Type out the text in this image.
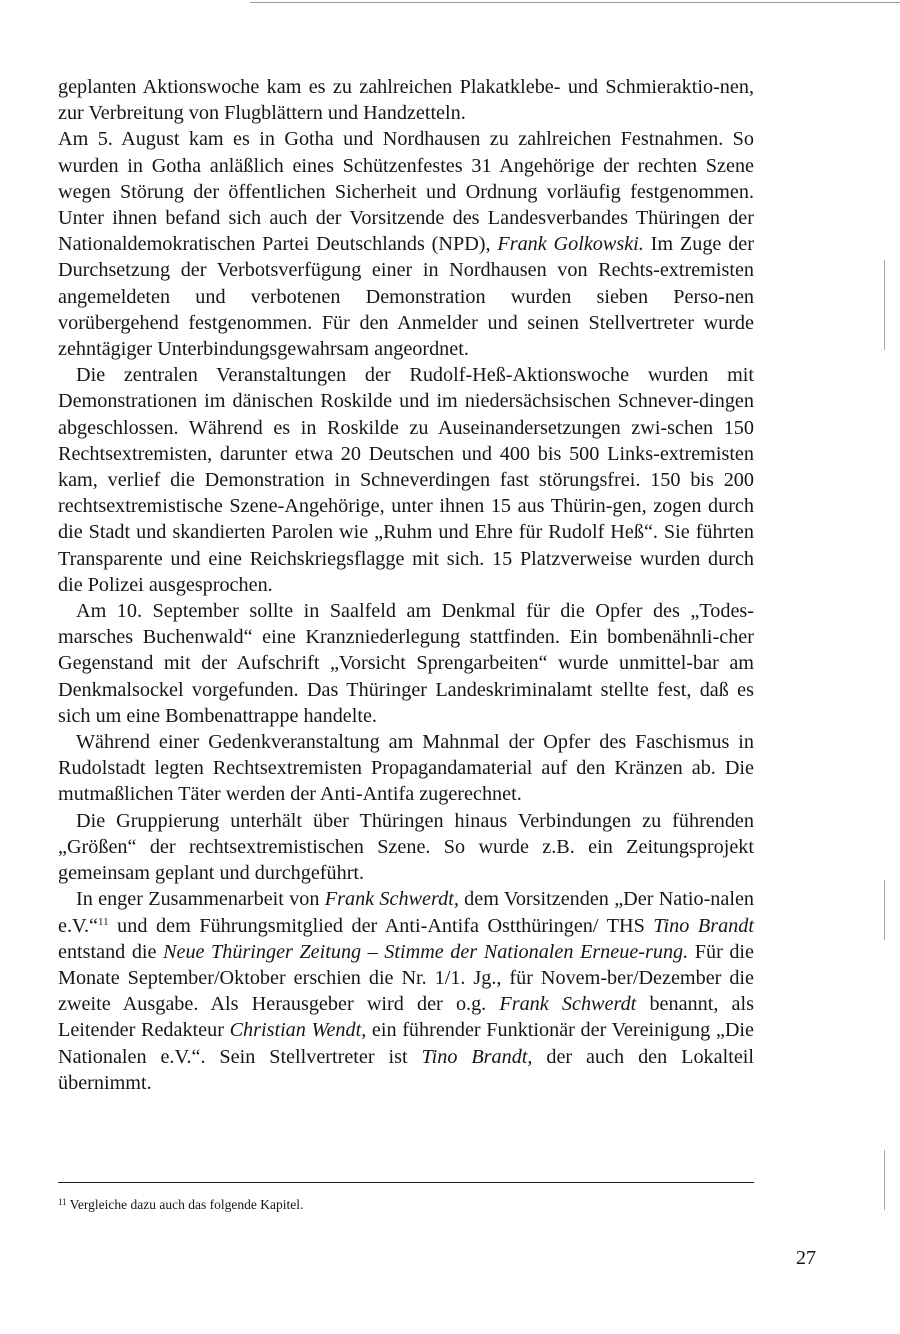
geplanten Aktionswoche kam es zu zahlreichen Plakatklebe- und Schmieraktio-nen, zur Verbreitung von Flugblättern und Handzetteln.

Am 5. August kam es in Gotha und Nordhausen zu zahlreichen Festnahmen. So wurden in Gotha anläßlich eines Schützenfestes 31 Angehörige der rechten Szene wegen Störung der öffentlichen Sicherheit und Ordnung vorläufig festgenommen. Unter ihnen befand sich auch der Vorsitzende des Landesverbandes Thüringen der Nationaldemokratischen Partei Deutschlands (NPD), Frank Golkowski. Im Zuge der Durchsetzung der Verbotsverfügung einer in Nordhausen von Rechts-extremisten angemeldeten und verbotenen Demonstration wurden sieben Perso-nen vorübergehend festgenommen. Für den Anmelder und seinen Stellvertreter wurde zehntägiger Unterbindungsgewahrsam angeordnet.

Die zentralen Veranstaltungen der Rudolf-Heß-Aktionswoche wurden mit Demonstrationen im dänischen Roskilde und im niedersächsischen Schnever-dingen abgeschlossen. Während es in Roskilde zu Auseinandersetzungen zwi-schen 150 Rechtsextremisten, darunter etwa 20 Deutschen und 400 bis 500 Links-extremisten kam, verlief die Demonstration in Schneverdingen fast störungsfrei. 150 bis 200 rechtsextremistische Szene-Angehörige, unter ihnen 15 aus Thürin-gen, zogen durch die Stadt und skandierten Parolen wie „Ruhm und Ehre für Rudolf Heß“. Sie führten Transparente und eine Reichskriegsflagge mit sich. 15 Platzverweise wurden durch die Polizei ausgesprochen.

Am 10. September sollte in Saalfeld am Denkmal für die Opfer des „Todes-marsches Buchenwald“ eine Kranzniederlegung stattfinden. Ein bombenähnli-cher Gegenstand mit der Aufschrift „Vorsicht Sprengarbeiten“ wurde unmittel-bar am Denkmalsockel vorgefunden. Das Thüringer Landeskriminalamt stellte fest, daß es sich um eine Bombenattrappe handelte.

Während einer Gedenkveranstaltung am Mahnmal der Opfer des Faschismus in Rudolstadt legten Rechtsextremisten Propagandamaterial auf den Kränzen ab. Die mutmaßlichen Täter werden der Anti-Antifa zugerechnet.

Die Gruppierung unterhält über Thüringen hinaus Verbindungen zu führenden „Größen“ der rechtsextremistischen Szene. So wurde z.B. ein Zeitungsprojekt gemeinsam geplant und durchgeführt.

In enger Zusammenarbeit von Frank Schwerdt, dem Vorsitzenden „Der Natio-nalen e.V.“$^{11}$ und dem Führungsmitglied der Anti-Antifa Ostthüringen/ THS Tino Brandt entstand die Neue Thüringer Zeitung – Stimme der Nationalen Erneue-rung. Für die Monate September/Oktober erschien die Nr. 1/1. Jg., für Novem-ber/Dezember die zweite Ausgabe. Als Herausgeber wird der o.g. Frank Schwerdt benannt, als Leitender Redakteur Christian Wendt, ein führender Funktionär der Vereinigung „Die Nationalen e.V.“. Sein Stellvertreter ist Tino Brandt, der auch den Lokalteil übernimmt.

$^{11}$ Vergleiche dazu auch das folgende Kapitel.
27
